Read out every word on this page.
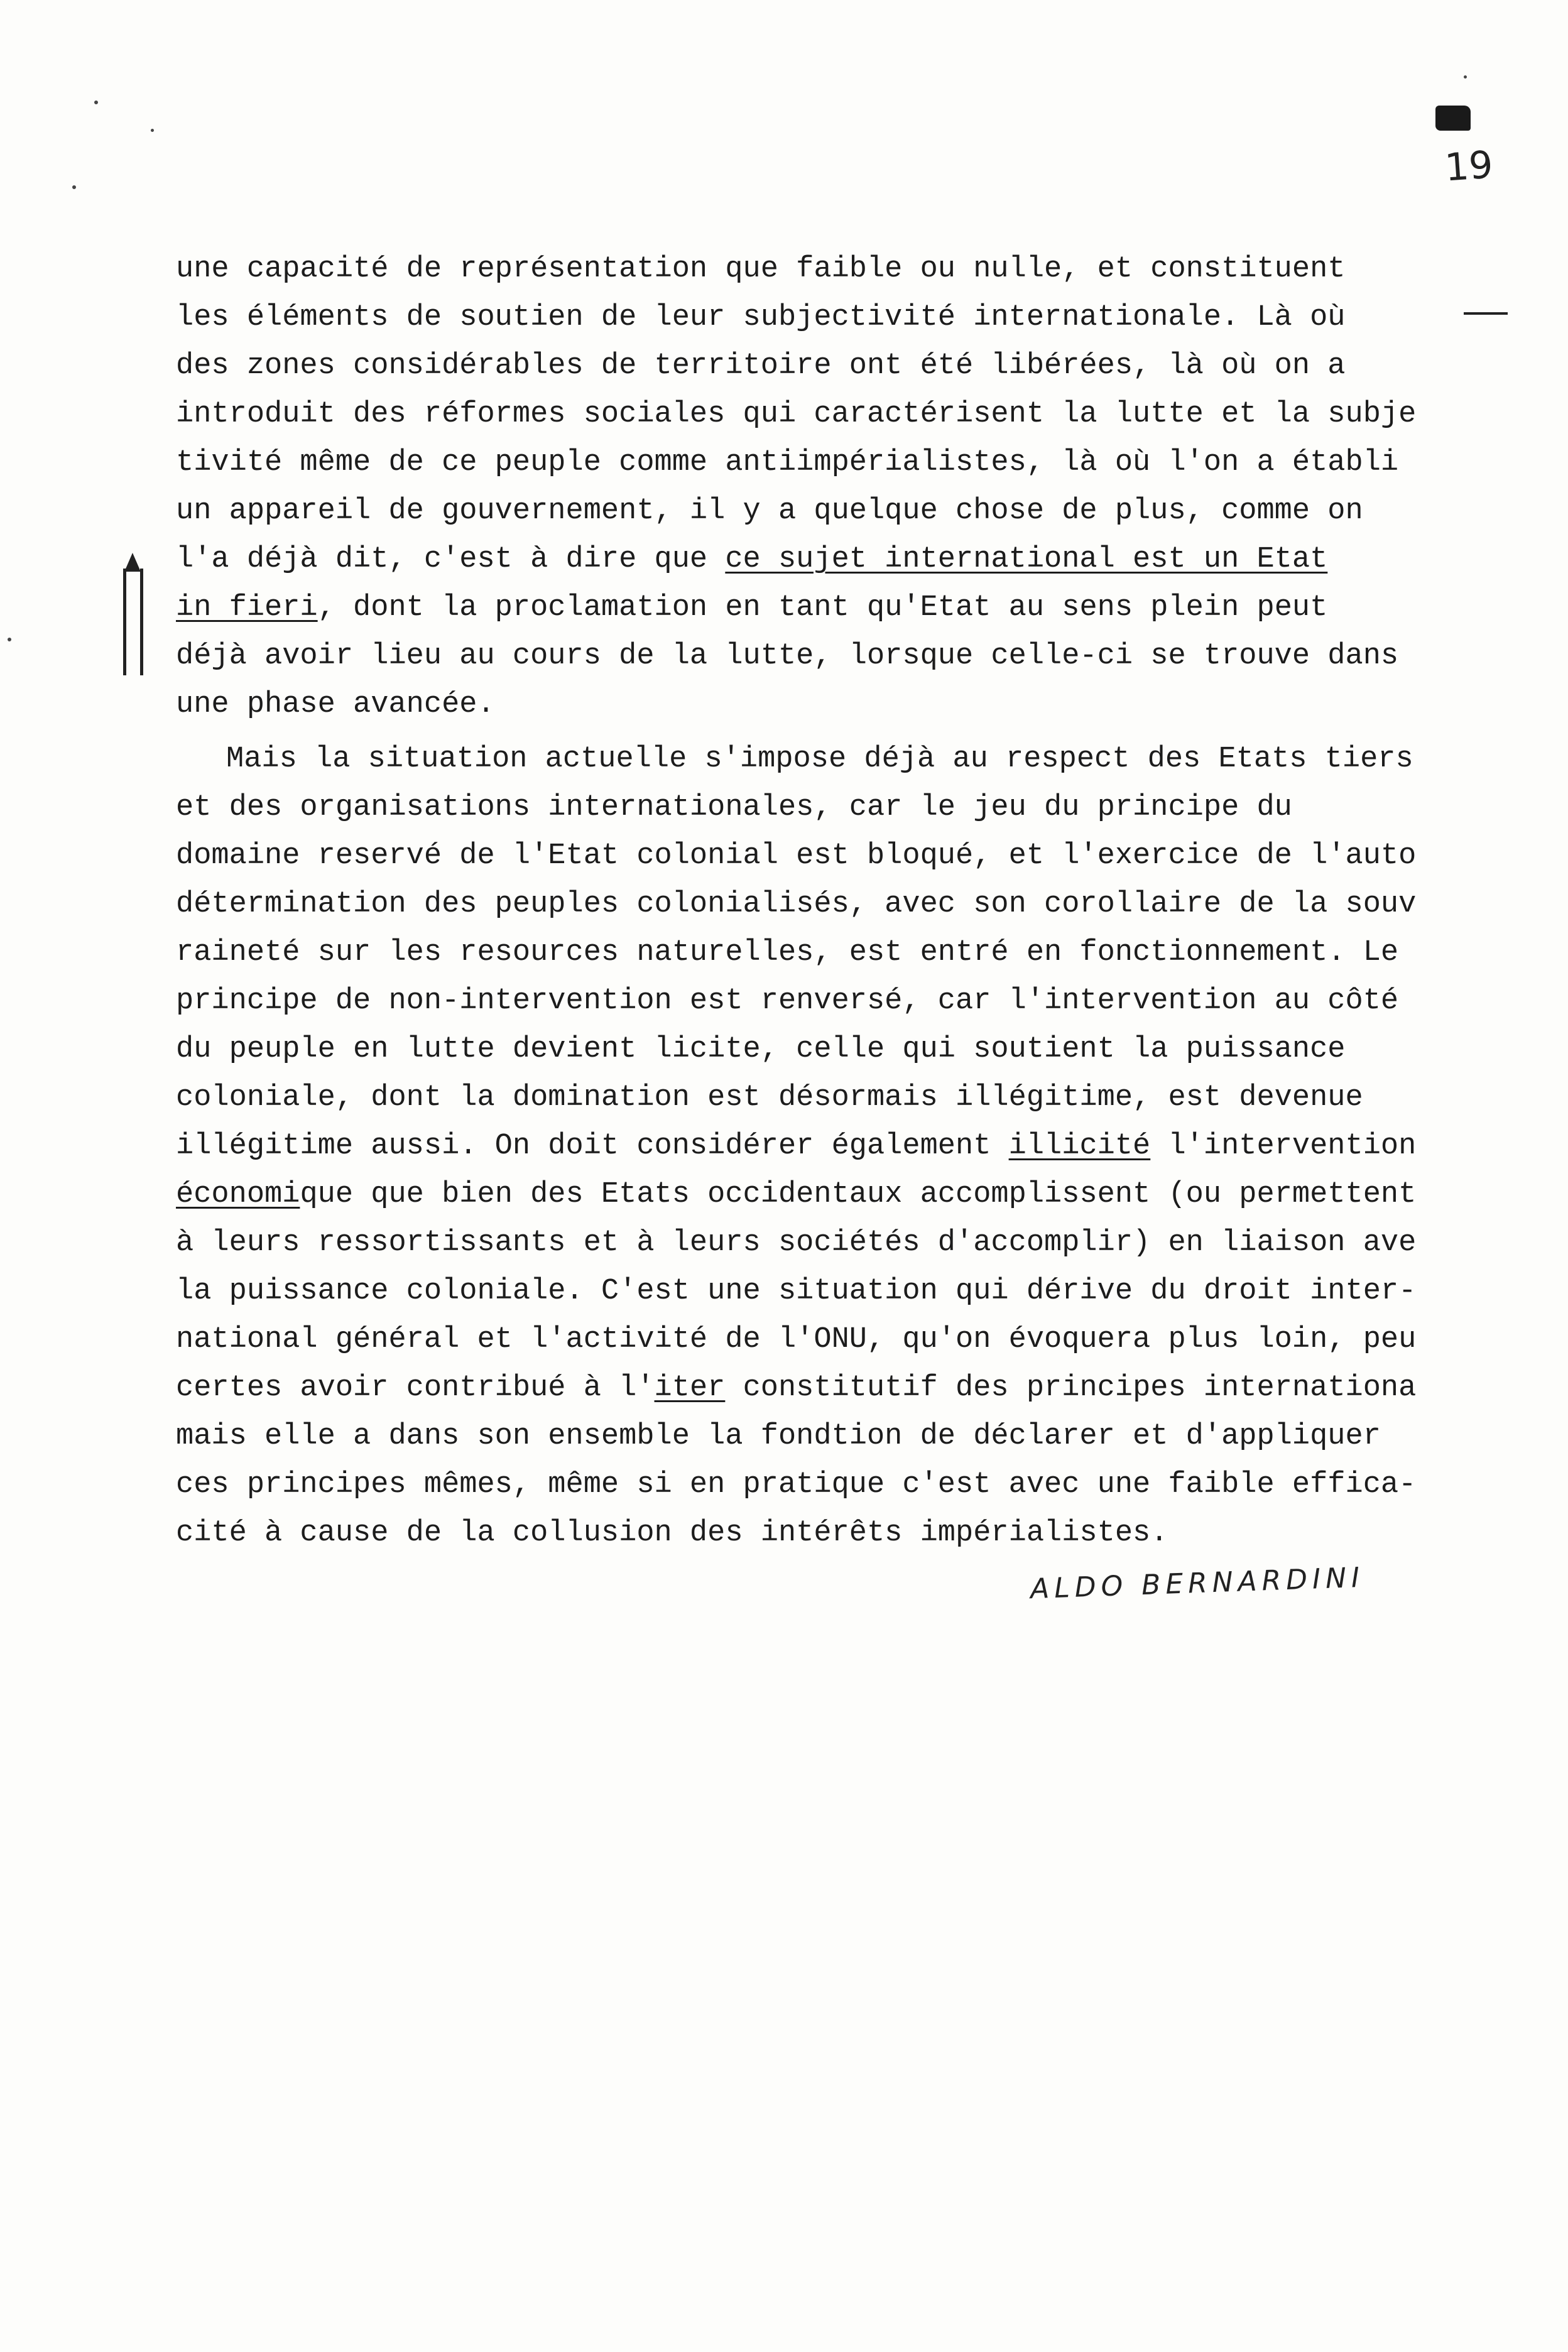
19
une capacité de représentation que faible ou nulle, et constituent
les éléments de soutien de leur subjectivité internationale. Là où
des zones considérables de territoire ont été libérées, là où on a
introduit des réformes sociales qui caractérisent la lutte et la subje
tivité même de ce peuple comme antiimpérialistes, là où l'on a établi
un appareil de gouvernement, il y a quelque chose de plus, comme on
l'a déjà dit, c'est à dire que ce sujet international est un Etat
in fieri, dont la proclamation en tant qu'Etat au sens plein peut
déjà avoir lieu au cours de la lutte, lorsque celle-ci se trouve dans
une phase avancée.
Mais la situation actuelle s'impose déjà au respect des Etats tiers
et des organisations internationales, car le jeu du principe du
domaine reservé de l'Etat colonial est bloqué, et l'exercice de l'auto
détermination des peuples colonialisés, avec son corollaire de la souv
raineté sur les resources naturelles, est entré en fonctionnement. Le
principe de non-intervention est renversé, car l'intervention au côté
du peuple en lutte devient licite, celle qui soutient la puissance
coloniale, dont la domination est désormais illégitime, est devenue
illégitime aussi. On doit considérer également illicité l'intervention
économique que bien des Etats occidentaux accomplissent (ou permettent
à leurs ressortissants et à leurs sociétés d'accomplir) en liaison ave
la puissance coloniale. C'est une situation qui dérive du droit inter-
national général et l'activité de l'ONU, qu'on évoquera plus loin, peu
certes avoir contribué à l'iter constitutif des principes internationa
mais elle a dans son ensemble la fondtion de déclarer et d'appliquer
ces principes mêmes, même si en pratique c'est avec une faible effica-
cité à cause de la collusion des intérêts impérialistes.
ALDO BERNARDINI
